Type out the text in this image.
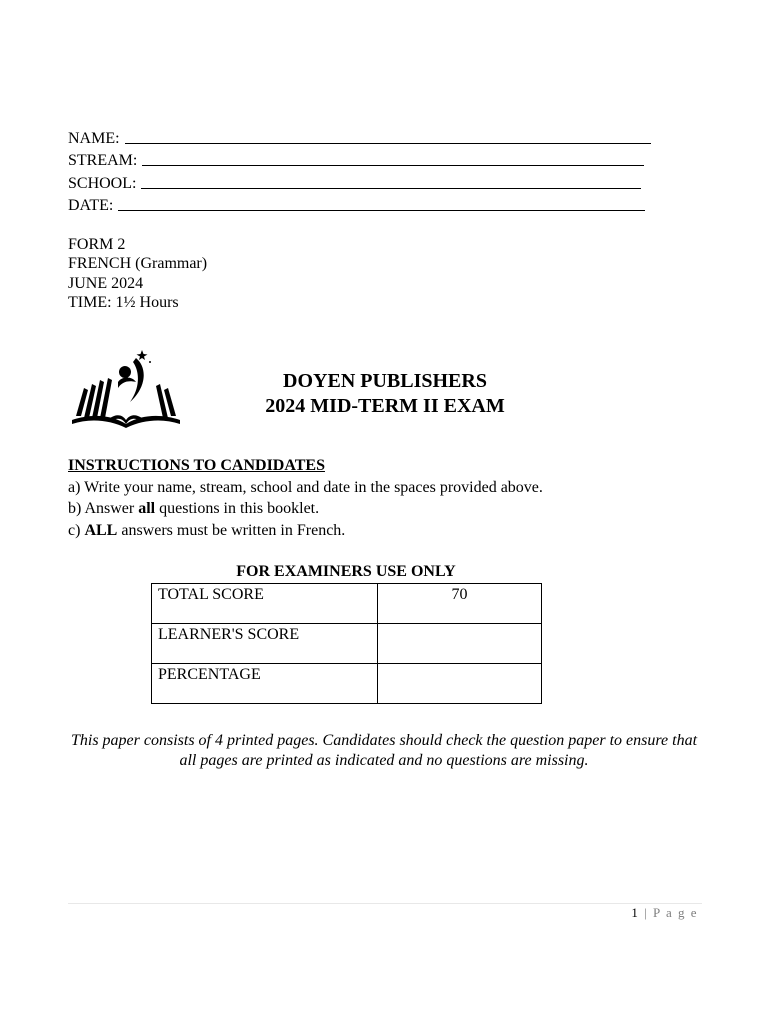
NAME:
STREAM:
SCHOOL:
DATE:
FORM 2
FRENCH (Grammar)
JUNE 2024
TIME: 1½ Hours
DOYEN PUBLISHERS
2024 MID-TERM II EXAM
INSTRUCTIONS TO CANDIDATES
a) Write your name, stream, school and date in the spaces provided above.
b) Answer all questions in this booklet.
c) ALL answers must be written in French.
FOR EXAMINERS USE ONLY
TOTAL SCORE	70
LEARNER'S SCORE	
PERCENTAGE	
This paper consists of 4 printed pages. Candidates should check the question paper to ensure that all pages are printed as indicated and no questions are missing.
1 | P a g e
